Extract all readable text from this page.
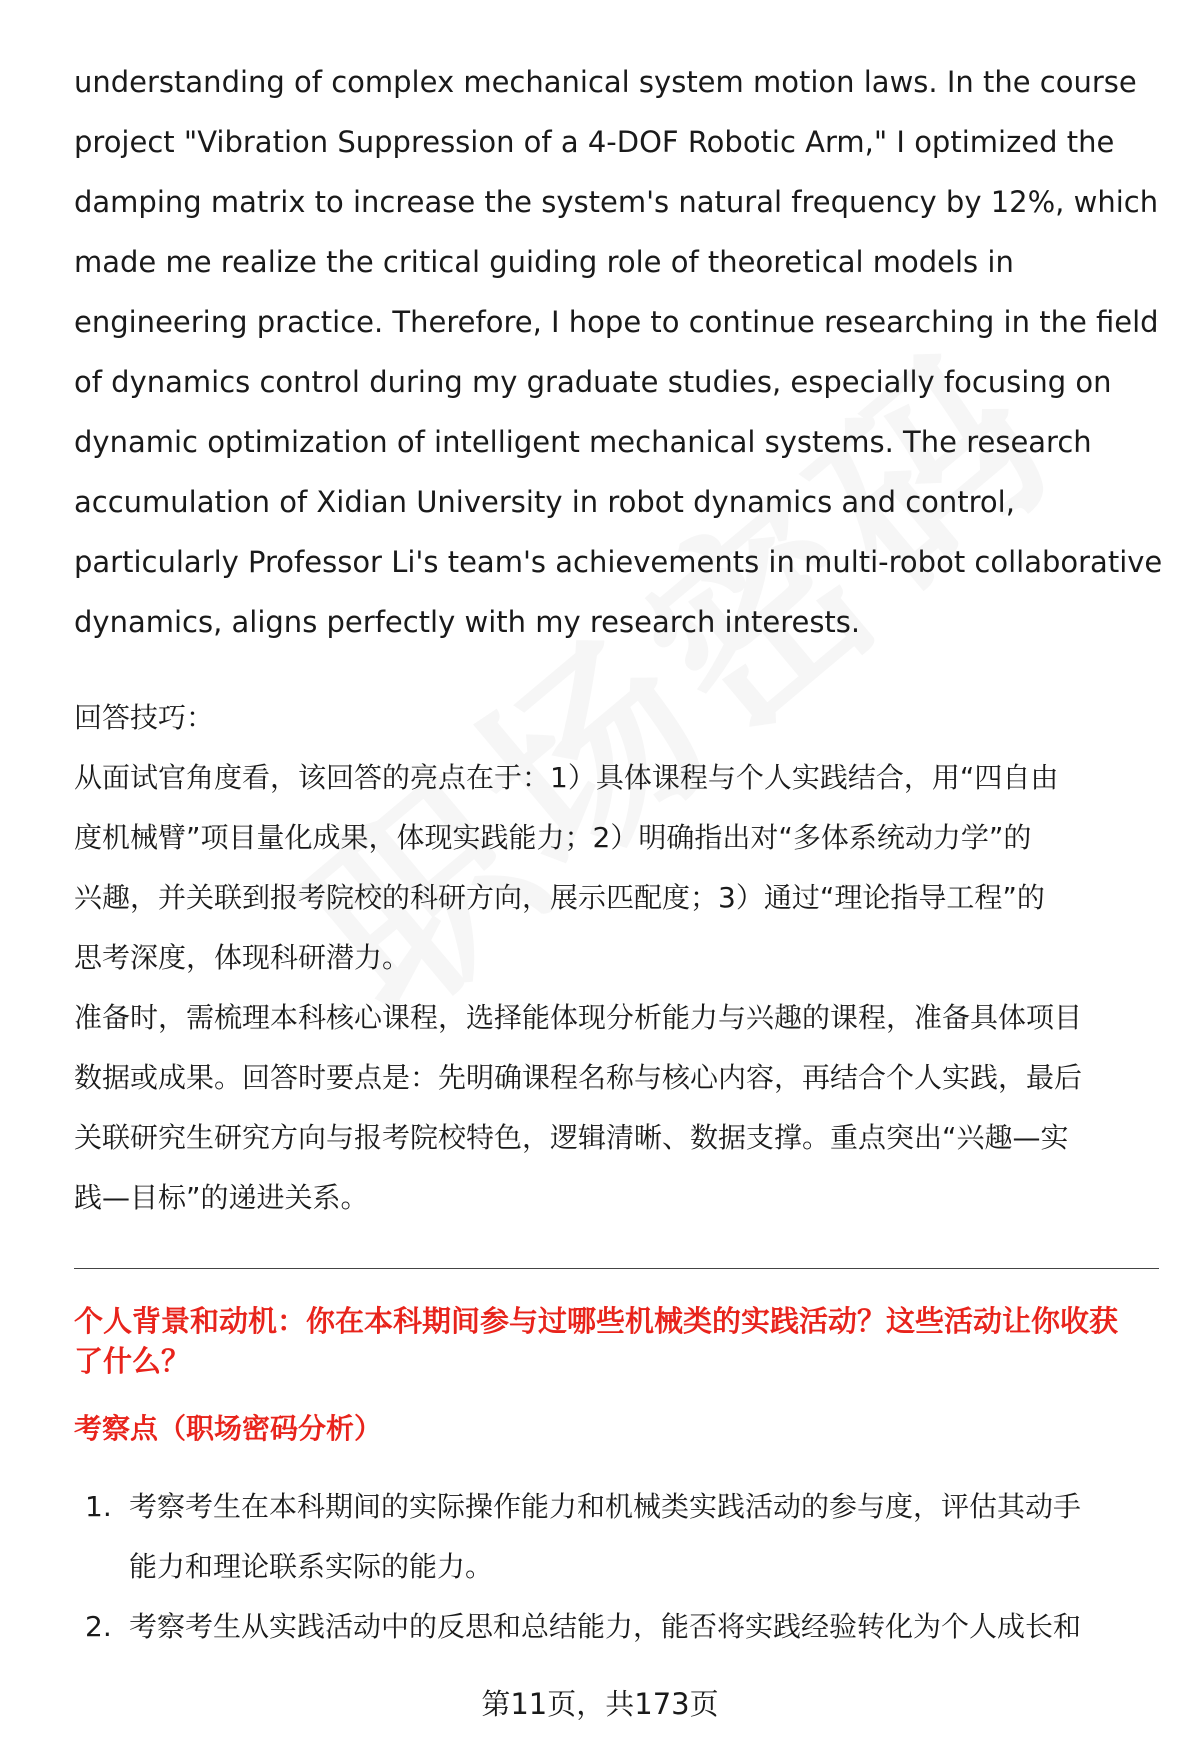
understanding of complex mechanical system motion laws. In the course
project "Vibration Suppression of a 4-DOF Robotic Arm," I optimized the
damping matrix to increase the system's natural frequency by 12%, which
made me realize the critical guiding role of theoretical models in
engineering practice. Therefore, I hope to continue researching in the field
of dynamics control during my graduate studies, especially focusing on
dynamic optimization of intelligent mechanical systems. The research
accumulation of Xidian University in robot dynamics and control,
particularly Professor Li's team's achievements in multi-robot collaborative
dynamics, aligns perfectly with my research interests.

回答技巧：

从面试官角度看，该回答的亮点在于：1）具体课程与个人实践结合，用“四自由
度机械臂”项目量化成果，体现实践能力；2）明确指出对“多体系统动力学”的
兴趣，并关联到报考院校的科研方向，展示匹配度；3）通过“理论指导工程”的
思考深度，体现科研潜力。

准备时，需梳理本科核心课程，选择能体现分析能力与兴趣的课程，准备具体项目
数据或成果。回答时要点是：先明确课程名称与核心内容，再结合个人实践，最后
关联研究生研究方向与报考院校特色，逻辑清晰、数据支撑。重点突出“兴趣—实
践—目标”的递进关系。

个人背景和动机：你在本科期间参与过哪些机械类的实践活动？这些活动让你收获
了什么？
考察点（职场密码分析）
1. 考察考生在本科期间的实际操作能力和机械类实践活动的参与度，评估其动手
能力和理论联系实际的能力。
2. 考察考生从实践活动中的反思和总结能力，能否将实践经验转化为个人成长和
第11页，共173页
